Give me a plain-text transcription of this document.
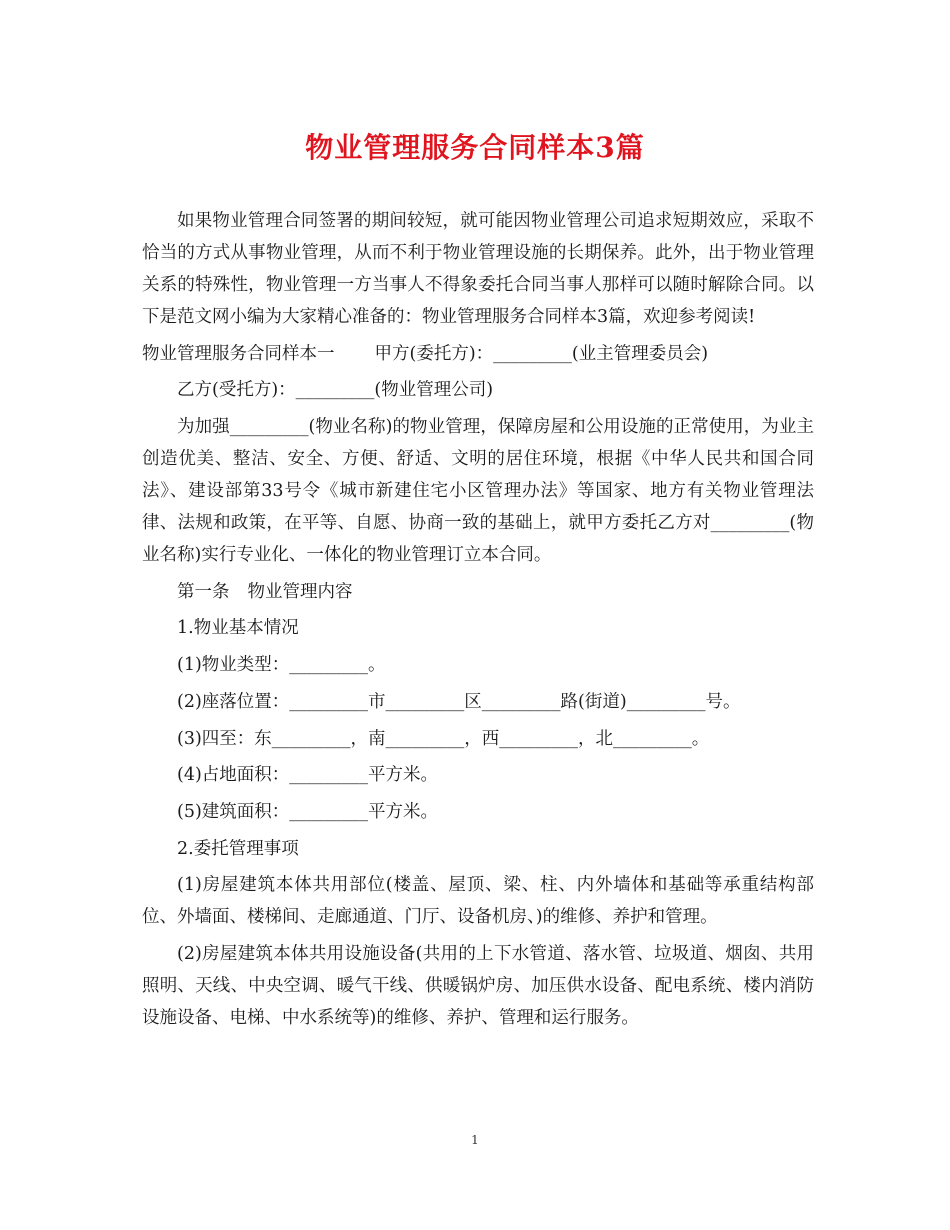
物业管理服务合同样本3篇

如果物业管理合同签署的期间较短，就可能因物业管理公司追求短期效应，采取不恰当的方式从事物业管理，从而不利于物业管理设施的长期保养。此外，出于物业管理关系的特殊性，物业管理一方当事人不得象委托合同当事人那样可以随时解除合同。以下是范文网小编为大家精心准备的：物业管理服务合同样本3篇，欢迎参考阅读!

物业管理服务合同样本一 甲方(委托方)：_________(业主管理委员会)

乙方(受托方)：_________(物业管理公司)

为加强_________(物业名称)的物业管理，保障房屋和公用设施的正常使用，为业主创造优美、整洁、安全、方便、舒适、文明的居住环境，根据《中华人民共和国合同法》、建设部第33号令《城市新建住宅小区管理办法》等国家、地方有关物业管理法律、法规和政策，在平等、自愿、协商一致的基础上，就甲方委托乙方对_________(物业名称)实行专业化、一体化的物业管理订立本合同。

第一条 物业管理内容

1.物业基本情况

(1)物业类型：_________。

(2)座落位置：_________市_________区_________路(街道)_________号。

(3)四至：东_________，南_________，西_________，北_________。

(4)占地面积：_________平方米。

(5)建筑面积：_________平方米。

2.委托管理事项

(1)房屋建筑本体共用部位(楼盖、屋顶、梁、柱、内外墙体和基础等承重结构部位、外墙面、楼梯间、走廊通道、门厅、设备机房、)的维修、养护和管理。

(2)房屋建筑本体共用设施设备(共用的上下水管道、落水管、垃圾道、烟囱、共用照明、天线、中央空调、暖气干线、供暖锅炉房、加压供水设备、配电系统、楼内消防设施设备、电梯、中水系统等)的维修、养护、管理和运行服务。

1
